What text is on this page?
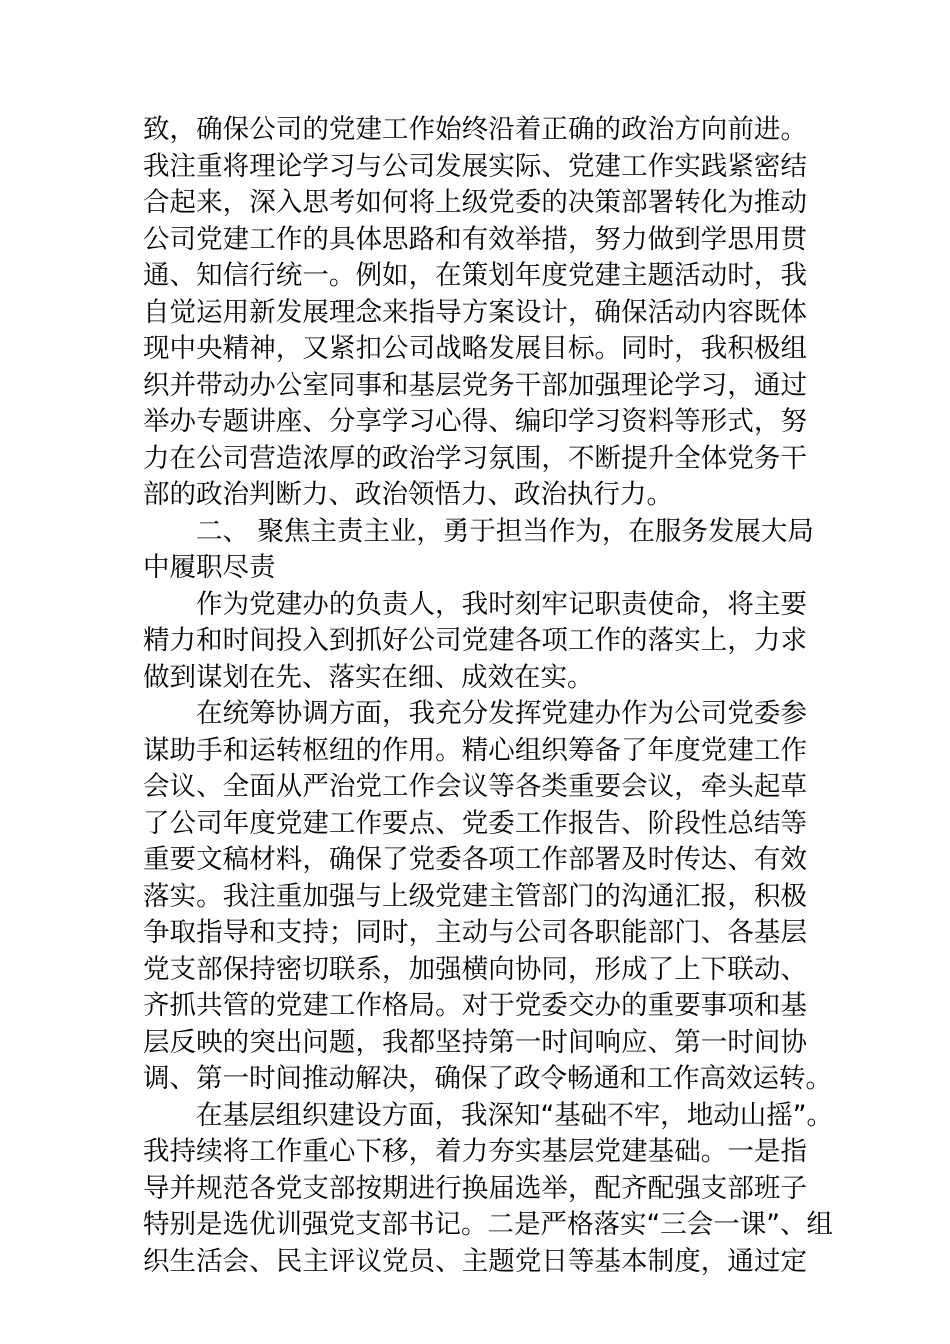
致，确保公司的党建工作始终沿着正确的政治方向前进。
我注重将理论学习与公司发展实际、党建工作实践紧密结
合起来，深入思考如何将上级党委的决策部署转化为推动
公司党建工作的具体思路和有效举措，努力做到学思用贯
通、知信行统一。例如，在策划年度党建主题活动时，我
自觉运用新发展理念来指导方案设计，确保活动内容既体
现中央精神，又紧扣公司战略发展目标。同时，我积极组
织并带动办公室同事和基层党务干部加强理论学习，通过
举办专题讲座、分享学习心得、编印学习资料等形式，努
力在公司营造浓厚的政治学习氛围，不断提升全体党务干
部的政治判断力、政治领悟力、政治执行力。
二、 聚焦主责主业，勇于担当作为，在服务发展大局
中履职尽责
作为党建办的负责人，我时刻牢记职责使命，将主要
精力和时间投入到抓好公司党建各项工作的落实上，力求
做到谋划在先、落实在细、成效在实。
在统筹协调方面，我充分发挥党建办作为公司党委参
谋助手和运转枢纽的作用。精心组织筹备了年度党建工作
会议、全面从严治党工作会议等各类重要会议，牵头起草
了公司年度党建工作要点、党委工作报告、阶段性总结等
重要文稿材料，确保了党委各项工作部署及时传达、有效
落实。我注重加强与上级党建主管部门的沟通汇报，积极
争取指导和支持；同时，主动与公司各职能部门、各基层
党支部保持密切联系，加强横向协同，形成了上下联动、
齐抓共管的党建工作格局。对于党委交办的重要事项和基
层反映的突出问题，我都坚持第一时间响应、第一时间协
调、第一时间推动解决，确保了政令畅通和工作高效运转。
在基层组织建设方面，我深知“基础不牢，地动山摇”。
我持续将工作重心下移，着力夯实基层党建基础。一是指
导并规范各党支部按期进行换届选举，配齐配强支部班子
特别是选优训强党支部书记。二是严格落实“三会一课”、组
织生活会、民主评议党员、主题党日等基本制度，通过定
